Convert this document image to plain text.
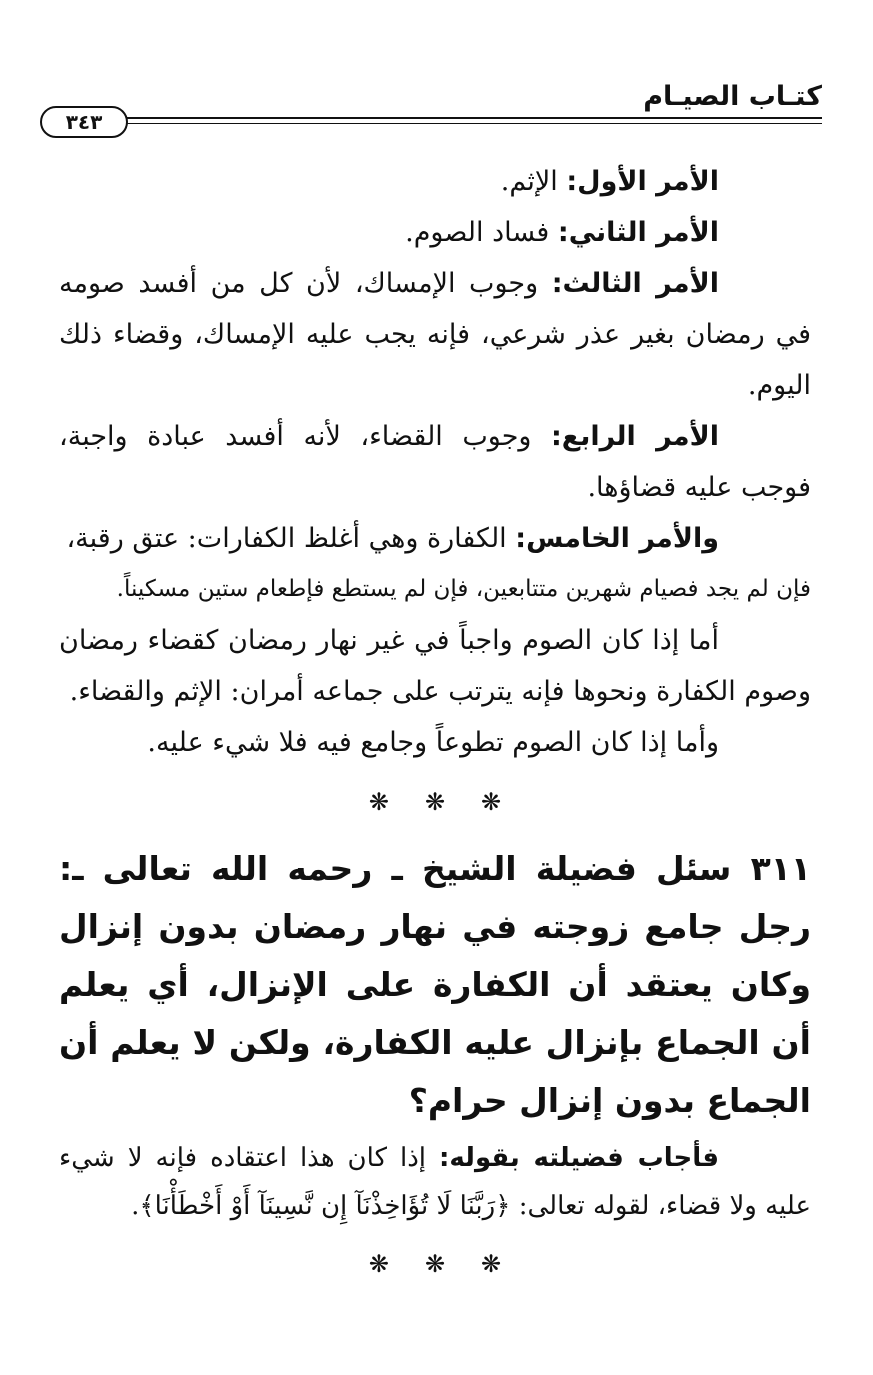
كتـاب الصيـام
٣٤٣

الأمر الأول: الإثم.

الأمر الثاني: فساد الصوم.

الأمر الثالث: وجوب الإمساك، لأن كل من أفسد صومه في رمضان بغير عذر شرعي، فإنه يجب عليه الإمساك، وقضاء ذلك اليوم.

الأمر الرابع: وجوب القضاء، لأنه أفسد عبادة واجبة، فوجب عليه قضاؤها.

والأمر الخامس: الكفارة وهي أغلظ الكفارات: عتق رقبة،

فإن لم يجد فصيام شهرين متتابعين، فإن لم يستطع فإطعام ستين مسكيناً.

أما إذا كان الصوم واجباً في غير نهار رمضان كقضاء رمضان وصوم الكفارة ونحوها فإنه يترتب على جماعه أمران: الإثم والقضاء.

وأما إذا كان الصوم تطوعاً وجامع فيه فلا شيء عليه.

❋ ❋ ❋

٣١١ سئل فضيلة الشيخ ـ رحمه الله تعالى ـ: رجل جامع زوجته في نهار رمضان بدون إنزال وكان يعتقد أن الكفارة على الإنزال، أي يعلم أن الجماع بإنزال عليه الكفارة، ولكن لا يعلم أن الجماع بدون إنزال حرام؟

فأجاب فضيلته بقوله: إذا كان هذا اعتقاده فإنه لا شيء عليه ولا قضاء، لقوله تعالى: ﴿رَبَّنَا لَا تُؤَاخِذْنَآ إِن نَّسِينَآ أَوْ أَخْطَأْنَا﴾.

❋ ❋ ❋
